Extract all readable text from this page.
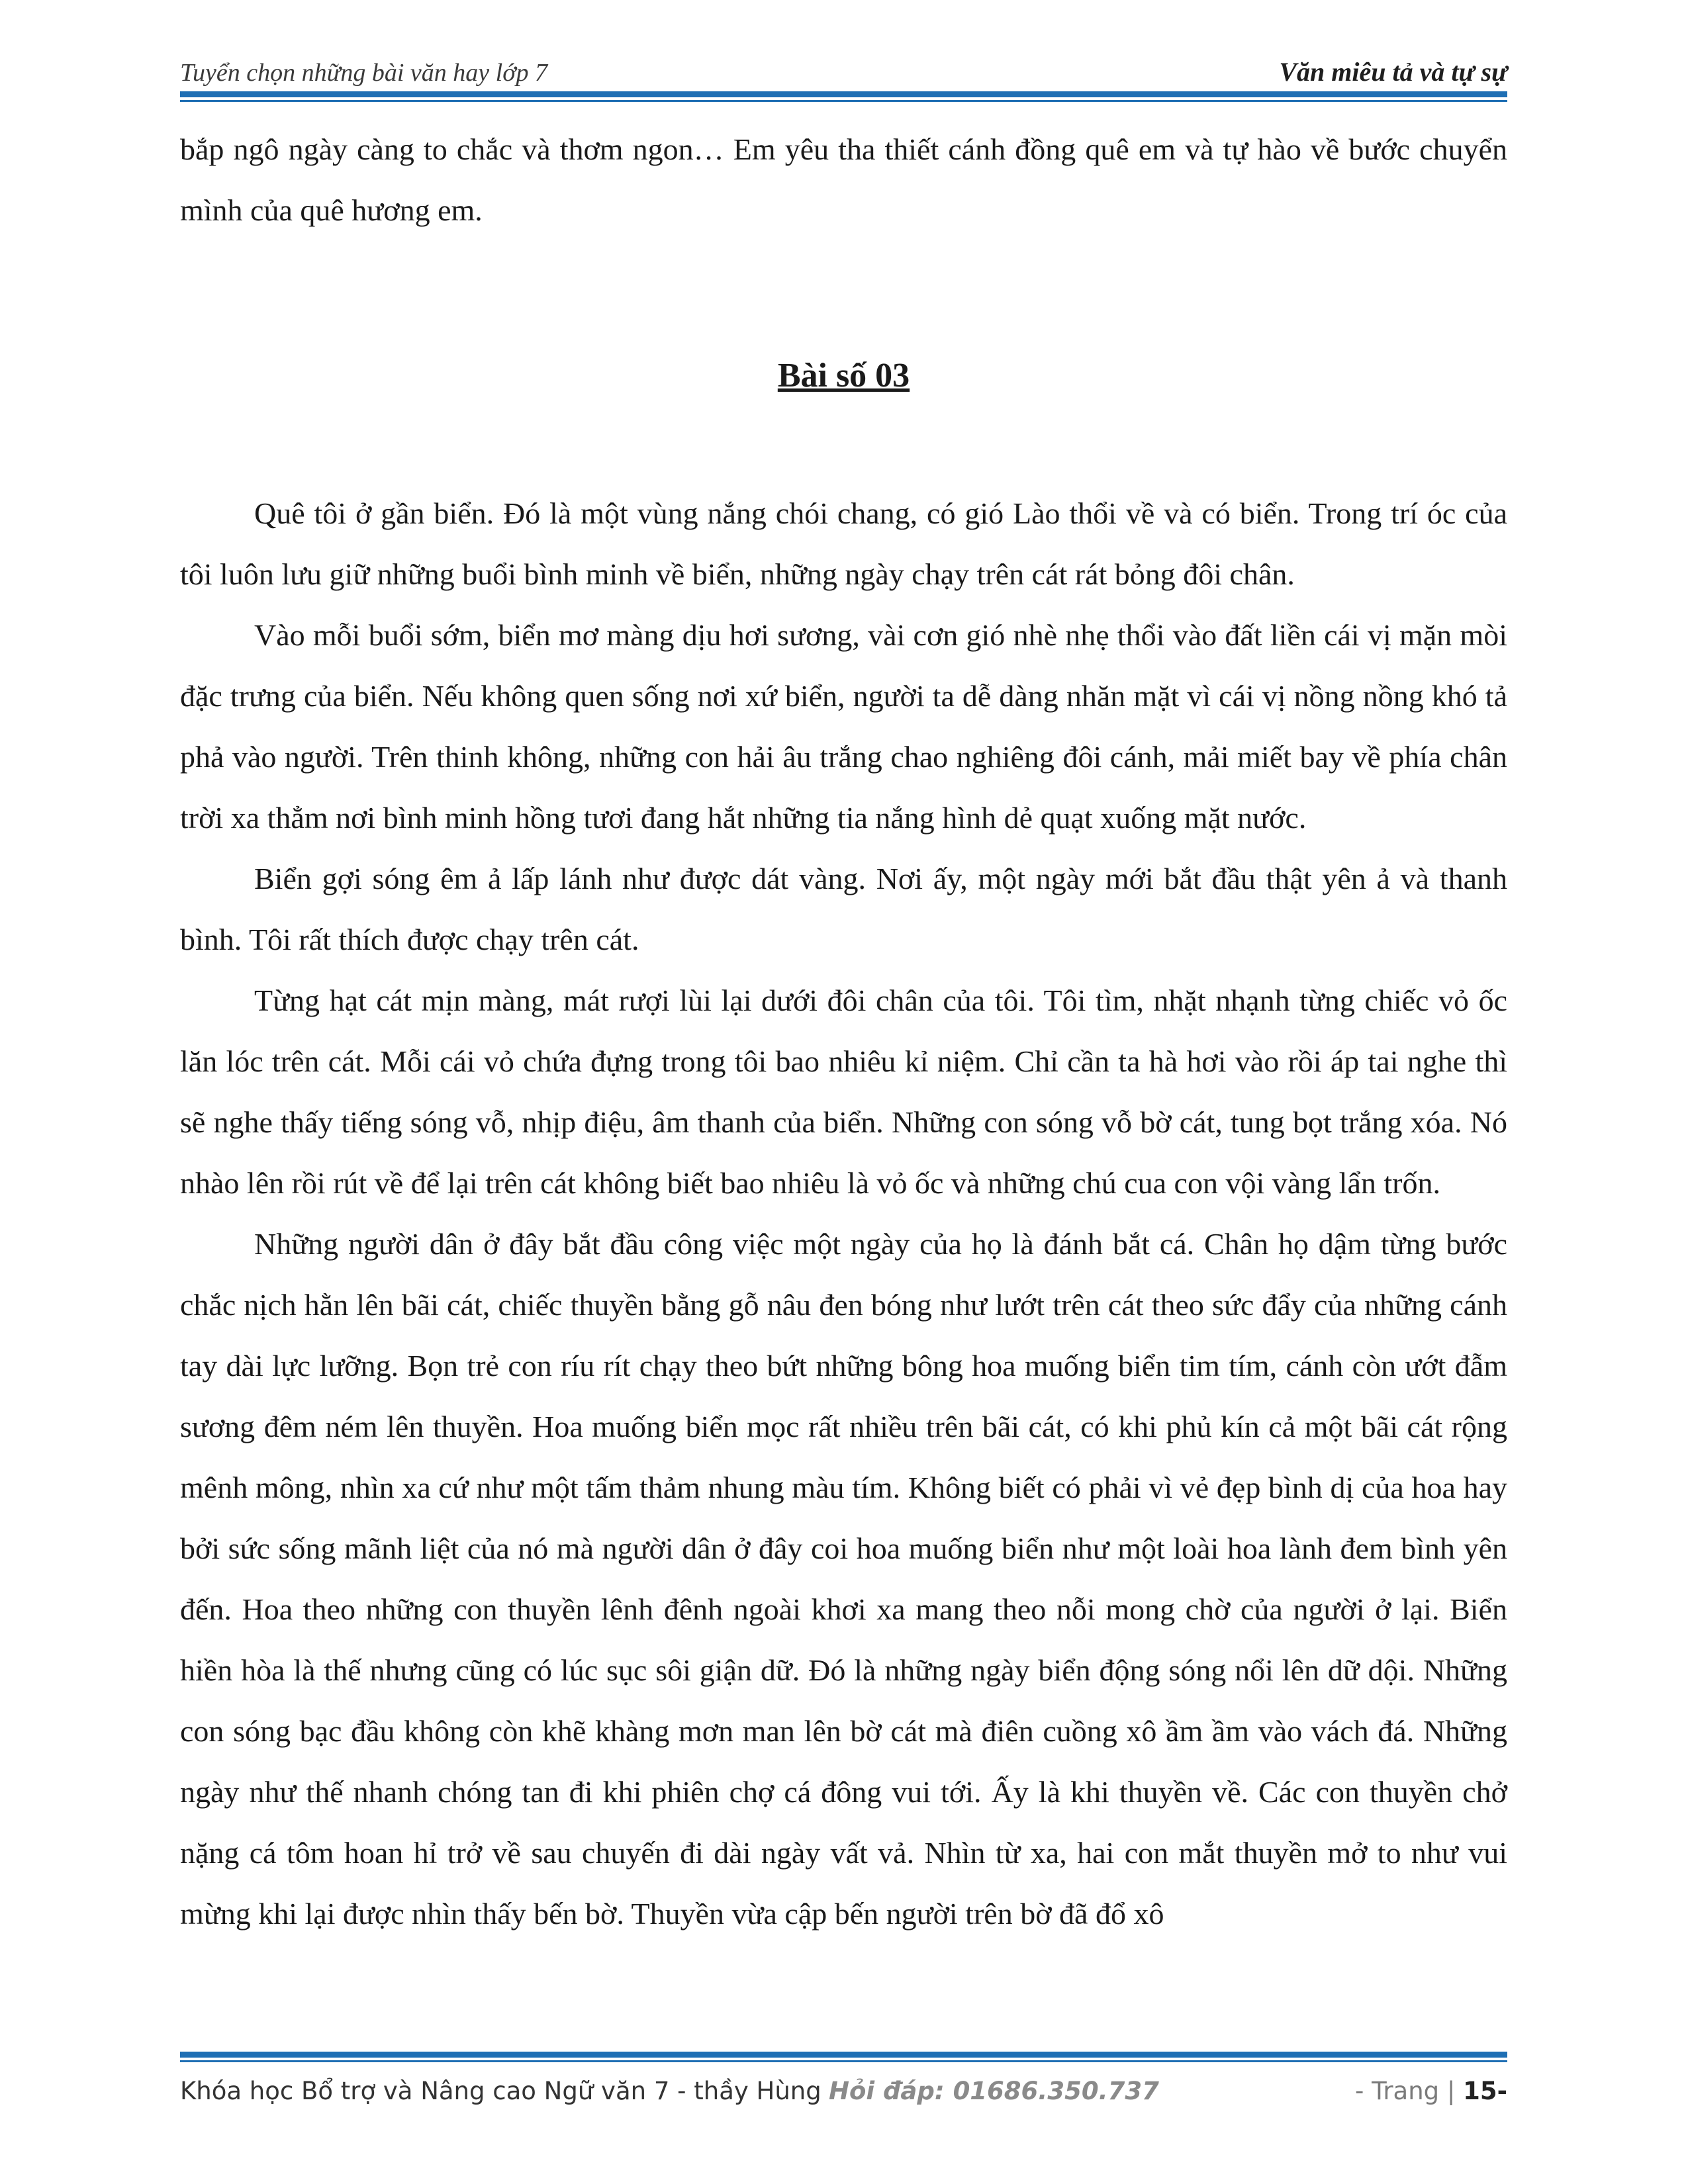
Tuyển chọn những bài văn hay lớp 7	Văn miêu tả và tự sự

bắp ngô ngày càng to chắc và thơm ngon… Em yêu tha thiết cánh đồng quê em và tự hào về bước chuyển mình của quê hương em.

Bài số 03

Quê tôi ở gần biển. Đó là một vùng nắng chói chang, có gió Lào thổi về và có biển. Trong trí óc của tôi luôn lưu giữ những buổi bình minh về biển, những ngày chạy trên cát rát bỏng đôi chân.

Vào mỗi buổi sớm, biển mơ màng dịu hơi sương, vài cơn gió nhè nhẹ thổi vào đất liền cái vị mặn mòi đặc trưng của biển. Nếu không quen sống nơi xứ biển, người ta dễ dàng nhăn mặt vì cái vị nồng nồng khó tả phả vào người. Trên thinh không, những con hải âu trắng chao nghiêng đôi cánh, mải miết bay về phía chân trời xa thẳm nơi bình minh hồng tươi đang hắt những tia nắng hình dẻ quạt xuống mặt nước.

Biển gợi sóng êm ả lấp lánh như được dát vàng. Nơi ấy, một ngày mới bắt đầu thật yên ả và thanh bình. Tôi rất thích được chạy trên cát.

Từng hạt cát mịn màng, mát rượi lùi lại dưới đôi chân của tôi. Tôi tìm, nhặt nhạnh từng chiếc vỏ ốc lăn lóc trên cát. Mỗi cái vỏ chứa đựng trong tôi bao nhiêu kỉ niệm. Chỉ cần ta hà hơi vào rồi áp tai nghe thì sẽ nghe thấy tiếng sóng vỗ, nhịp điệu, âm thanh của biển. Những con sóng vỗ bờ cát, tung bọt trắng xóa. Nó nhào lên rồi rút về để lại trên cát không biết bao nhiêu là vỏ ốc và những chú cua con vội vàng lẩn trốn.

Những người dân ở đây bắt đầu công việc một ngày của họ là đánh bắt cá. Chân họ dậm từng bước chắc nịch hằn lên bãi cát, chiếc thuyền bằng gỗ nâu đen bóng như lướt trên cát theo sức đẩy của những cánh tay dài lực lưỡng. Bọn trẻ con ríu rít chạy theo bứt những bông hoa muống biển tim tím, cánh còn ướt đẫm sương đêm ném lên thuyền. Hoa muống biển mọc rất nhiều trên bãi cát, có khi phủ kín cả một bãi cát rộng mênh mông, nhìn xa cứ như một tấm thảm nhung màu tím. Không biết có phải vì vẻ đẹp bình dị của hoa hay bởi sức sống mãnh liệt của nó mà người dân ở đây coi hoa muống biển như một loài hoa lành đem bình yên đến. Hoa theo những con thuyền lênh đênh ngoài khơi xa mang theo nỗi mong chờ của người ở lại. Biển hiền hòa là thế nhưng cũng có lúc sục sôi giận dữ. Đó là những ngày biển động sóng nổi lên dữ dội. Những con sóng bạc đầu không còn khẽ khàng mơn man lên bờ cát mà điên cuồng xô ầm ầm vào vách đá. Những ngày như thế nhanh chóng tan đi khi phiên chợ cá đông vui tới. Ấy là khi thuyền về. Các con thuyền chở nặng cá tôm hoan hỉ trở về sau chuyến đi dài ngày vất vả. Nhìn từ xa, hai con mắt thuyền mở to như vui mừng khi lại được nhìn thấy bến bờ. Thuyền vừa cập bến người trên bờ đã đổ xô

Khóa học Bổ trợ và Nâng cao Ngữ văn 7 - thầy Hùng Hỏi đáp: 01686.350.737	- Trang | 15-
